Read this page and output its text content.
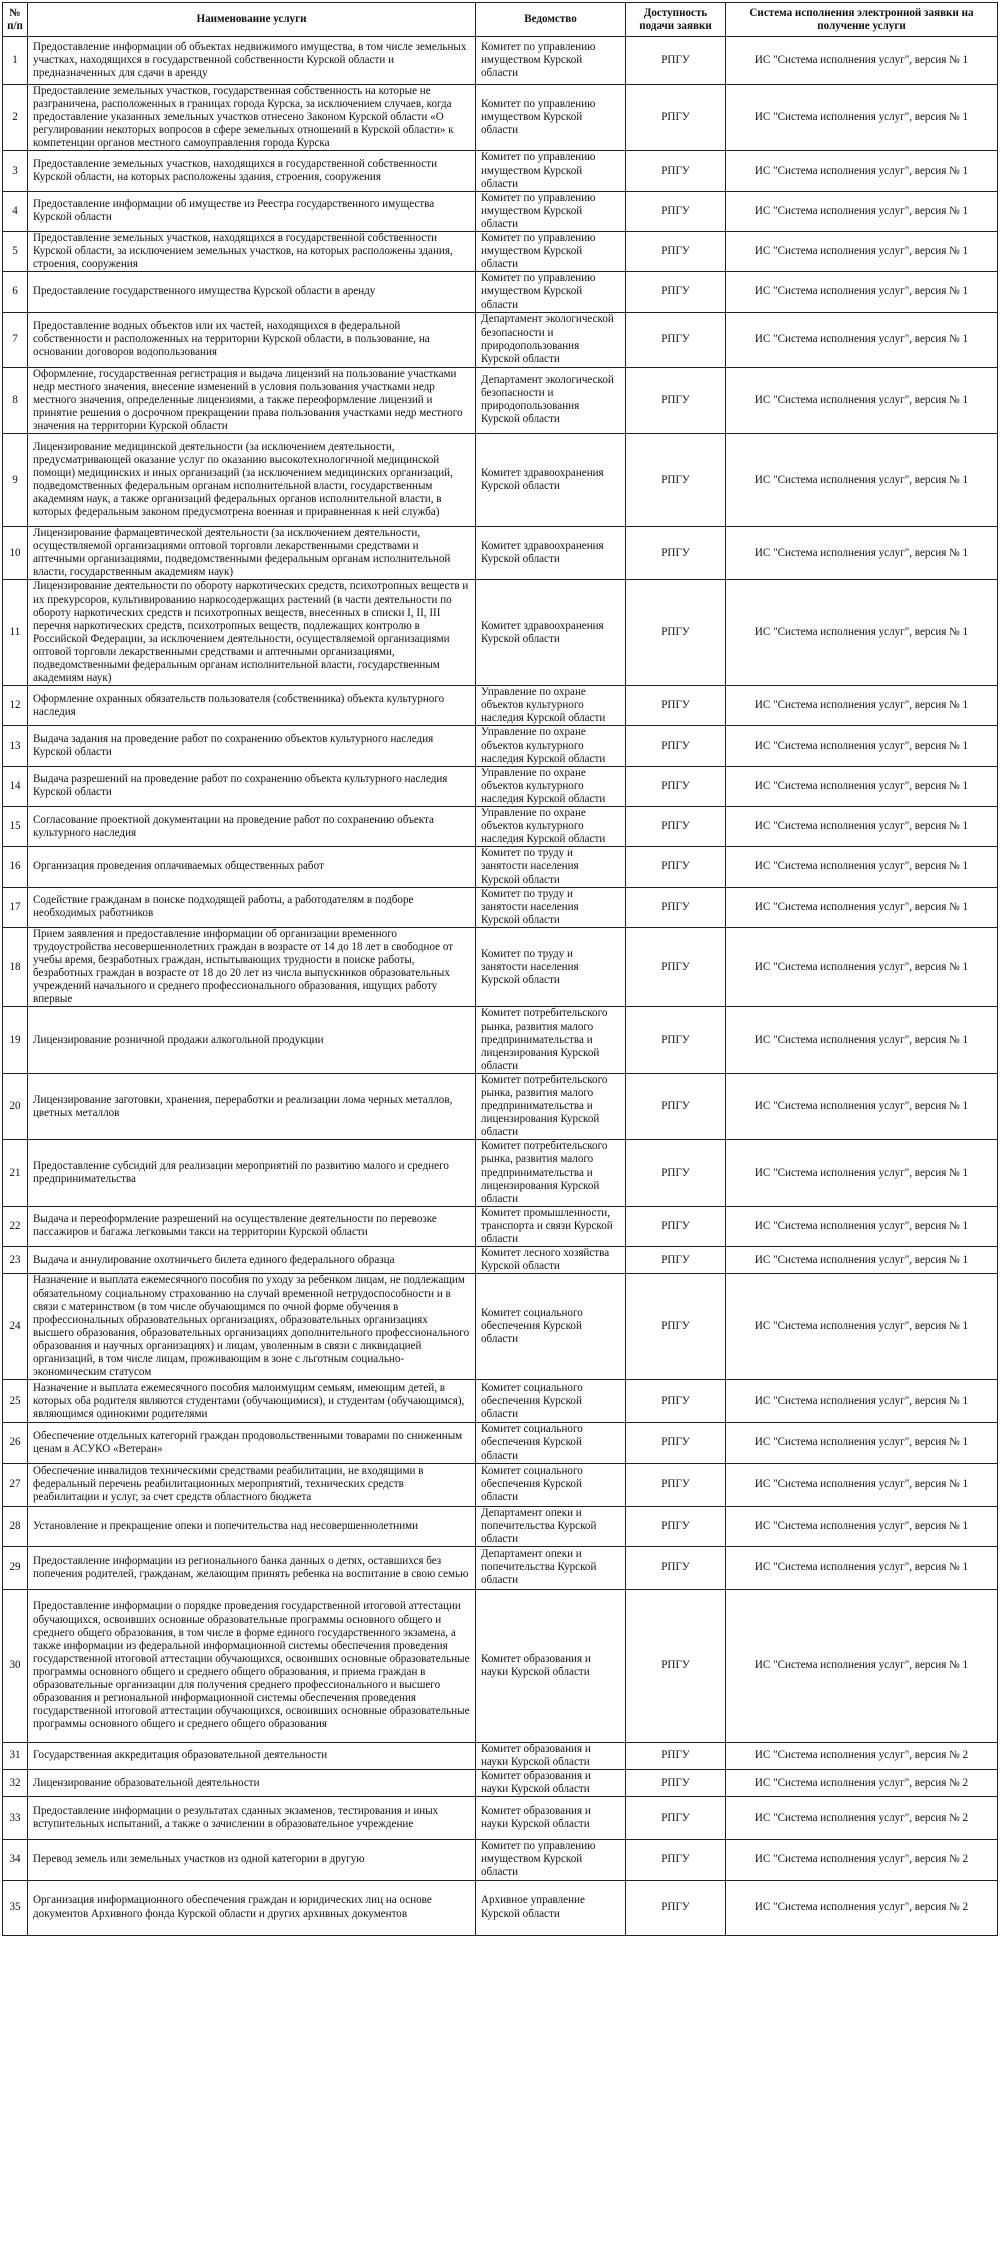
№ п/п	Наименование услуги	Ведомство	Доступность подачи заявки	Система исполнения электронной заявки на получение услуги
1	Предоставление информации об объектах недвижимого имущества, в том числе земельных участках, находящихся в государственной собственности Курской области и предназначенных для сдачи в аренду	Комитет по управлению имуществом Курской области	РПГУ	ИС "Система исполнения услуг", версия № 1
2	Предоставление земельных участков, государственная собственность на которые не разграничена, расположенных в границах города Курска, за исключением случаев, когда предоставление указанных земельных участков отнесено Законом Курской области «О регулировании некоторых вопросов в сфере земельных отношений в Курской области» к компетенции органов местного самоуправления города Курска	Комитет по управлению имуществом Курской области	РПГУ	ИС "Система исполнения услуг", версия № 1
3	Предоставление земельных участков, находящихся в государственной собственности Курской области, на которых расположены здания, строения, сооружения	Комитет по управлению имуществом Курской области	РПГУ	ИС "Система исполнения услуг", версия № 1
4	Предоставление информации об имуществе из Реестра государственного имущества Курской области	Комитет по управлению имуществом Курской области	РПГУ	ИС "Система исполнения услуг", версия № 1
5	Предоставление земельных участков, находящихся в государственной собственности Курской области, за исключением земельных участков, на которых расположены здания, строения, сооружения	Комитет по управлению имуществом Курской области	РПГУ	ИС "Система исполнения услуг", версия № 1
6	Предоставление государственного имущества Курской области в аренду	Комитет по управлению имуществом Курской области	РПГУ	ИС "Система исполнения услуг", версия № 1
7	Предоставление водных объектов или их частей, находящихся в федеральной собственности и расположенных на территории Курской области, в пользование, на основании договоров водопользования	Департамент экологической безопасности и природопользования Курской области	РПГУ	ИС "Система исполнения услуг", версия № 1
8	Оформление, государственная регистрация и выдача лицензий на пользование участками недр местного значения, внесение изменений в условия пользования участками недр местного значения, определенные лицензиями, а также переоформление лицензий и принятие решения о досрочном прекращении права пользования участками недр местного значения на территории Курской области	Департамент экологической безопасности и природопользования Курской области	РПГУ	ИС "Система исполнения услуг", версия № 1
9	Лицензирование медицинской деятельности (за исключением деятельности, предусматривающей оказание услуг по оказанию высокотехнологичной медицинской помощи) медицинских и иных организаций (за исключением медицинских организаций, подведомственных федеральным органам исполнительной власти, государственным академиям наук, а также организаций федеральных органов исполнительной власти, в которых федеральным законом предусмотрена военная и приравненная к ней служба)	Комитет здравоохранения Курской области	РПГУ	ИС "Система исполнения услуг", версия № 1
10	Лицензирование фармацевтической деятельности (за исключением деятельности, осуществляемой организациями оптовой торговли лекарственными средствами и аптечными организациями, подведомственными федеральным органам исполнительной власти, государственным академиям наук)	Комитет здравоохранения Курской области	РПГУ	ИС "Система исполнения услуг", версия № 1
11	Лицензирование деятельности по обороту наркотических средств, психотропных веществ и их прекурсоров, культивированию наркосодержащих растений (в части деятельности по обороту наркотических средств и психотропных веществ, внесенных в списки I, II, III перечня наркотических средств, психотропных веществ, подлежащих контролю в Российской Федерации, за исключением деятельности, осуществляемой организациями оптовой торговли лекарственными средствами и аптечными организациями, подведомственными федеральным органам исполнительной власти, государственным академиям наук)	Комитет здравоохранения Курской области	РПГУ	ИС "Система исполнения услуг", версия № 1
12	Оформление охранных обязательств пользователя (собственника) объекта культурного наследия	Управление по охране объектов культурного наследия Курской области	РПГУ	ИС "Система исполнения услуг", версия № 1
13	Выдача задания на проведение работ по сохранению объектов культурного наследия Курской области	Управление по охране объектов культурного наследия Курской области	РПГУ	ИС "Система исполнения услуг", версия № 1
14	Выдача разрешений на проведение работ по сохранению объекта культурного наследия Курской области	Управление по охране объектов культурного наследия Курской области	РПГУ	ИС "Система исполнения услуг", версия № 1
15	Согласование проектной документации на проведение работ по сохранению объекта культурного наследия	Управление по охране объектов культурного наследия Курской области	РПГУ	ИС "Система исполнения услуг", версия № 1
16	Организация проведения оплачиваемых общественных работ	Комитет по труду и занятости населения Курской области	РПГУ	ИС "Система исполнения услуг", версия № 1
17	Содействие гражданам в поиске подходящей работы, а работодателям в подборе необходимых работников	Комитет по труду и занятости населения Курской области	РПГУ	ИС "Система исполнения услуг", версия № 1
18	Прием заявления и предоставление информации об организации временного трудоустройства несовершеннолетних граждан в возрасте от 14 до 18 лет в свободное от учебы время, безработных граждан, испытывающих трудности в поиске работы, безработных граждан в возрасте от 18 до 20 лет из числа выпускников образовательных учреждений начального и среднего профессионального образования, ищущих работу впервые	Комитет по труду и занятости населения Курской области	РПГУ	ИС "Система исполнения услуг", версия № 1
19	Лицензирование розничной продажи алкогольной продукции	Комитет потребительского рынка, развития малого предпринимательства и лицензирования Курской области	РПГУ	ИС "Система исполнения услуг", версия № 1
20	Лицензирование заготовки, хранения, переработки и реализации лома черных металлов, цветных металлов	Комитет потребительского рынка, развития малого предпринимательства и лицензирования Курской области	РПГУ	ИС "Система исполнения услуг", версия № 1
21	Предоставление субсидий для реализации мероприятий по развитию малого и среднего предпринимательства	Комитет потребительского рынка, развития малого предпринимательства и лицензирования Курской области	РПГУ	ИС "Система исполнения услуг", версия № 1
22	Выдача и переоформление разрешений на осуществление деятельности по перевозке пассажиров и багажа легковыми такси на территории Курской области	Комитет промышленности, транспорта и связи Курской области	РПГУ	ИС "Система исполнения услуг", версия № 1
23	Выдача и аннулирование охотничьего билета единого федерального образца	Комитет лесного хозяйства Курской области	РПГУ	ИС "Система исполнения услуг", версия № 1
24	Назначение и выплата ежемесячного пособия по уходу за ребенком лицам, не подлежащим обязательному социальному страхованию на случай временной нетрудоспособности и в связи с материнством (в том числе обучающимся по очной форме обучения в профессиональных образовательных организациях, образовательных организациях высшего образования, образовательных организациях дополнительного профессионального образования и научных организациях) и лицам, уволенным в связи с ликвидацией организаций, в том числе лицам, проживающим в зоне с льготным социально-экономическим статусом	Комитет социального обеспечения Курской области	РПГУ	ИС "Система исполнения услуг", версия № 1
25	Назначение и выплата ежемесячного пособия малоимущим семьям, имеющим детей, в которых оба родителя являются студентами (обучающимися), и студентам (обучающимся), являющимся одинокими родителями	Комитет социального обеспечения Курской области	РПГУ	ИС "Система исполнения услуг", версия № 1
26	Обеспечение отдельных категорий граждан продовольственными товарами по сниженным ценам в АСУКО «Ветеран»	Комитет социального обеспечения Курской области	РПГУ	ИС "Система исполнения услуг", версия № 1
27	Обеспечение инвалидов техническими средствами реабилитации, не входящими в федеральный перечень реабилитационных мероприятий, технических средств реабилитации и услуг, за счет средств областного бюджета	Комитет социального обеспечения Курской области	РПГУ	ИС "Система исполнения услуг", версия № 1
28	Установление и прекращение опеки и попечительства над несовершеннолетними	Департамент опеки и попечительства Курской области	РПГУ	ИС "Система исполнения услуг", версия № 1
29	Предоставление информации из регионального банка данных о детях, оставшихся без попечения родителей, гражданам, желающим принять ребенка на воспитание в свою семью	Департамент опеки и попечительства Курской области	РПГУ	ИС "Система исполнения услуг", версия № 1
30	Предоставление информации о порядке проведения государственной итоговой аттестации обучающихся, освоивших основные образовательные программы основного общего и среднего общего образования, в том числе в форме единого государственного экзамена, а также информации из федеральной информационной системы обеспечения проведения государственной итоговой аттестации обучающихся, освоивших основные образовательные программы основного общего и среднего общего образования, и приема граждан в образовательные организации для получения среднего профессионального и высшего образования и региональной информационной системы обеспечения проведения государственной итоговой аттестации обучающихся, освоивших основные образовательные программы основного общего и среднего общего образования	Комитет образования и науки Курской области	РПГУ	ИС "Система исполнения услуг", версия № 1
31	Государственная аккредитация образовательной деятельности	Комитет образования и науки Курской области	РПГУ	ИС "Система исполнения услуг", версия № 2
32	Лицензирование образовательной деятельности	Комитет образования и науки Курской области	РПГУ	ИС "Система исполнения услуг", версия № 2
33	Предоставление информации о результатах сданных экзаменов, тестирования и иных вступительных испытаний, а также о зачислении в образовательное учреждение	Комитет образования и науки Курской области	РПГУ	ИС "Система исполнения услуг", версия № 2
34	Перевод земель или земельных участков из одной категории в другую	Комитет по управлению имуществом Курской области	РПГУ	ИС "Система исполнения услуг", версия № 2
35	Организация информационного обеспечения граждан и юридических лиц на основе документов Архивного фонда Курской области и других архивных документов	Архивное управление Курской области	РПГУ	ИС "Система исполнения услуг", версия № 2
